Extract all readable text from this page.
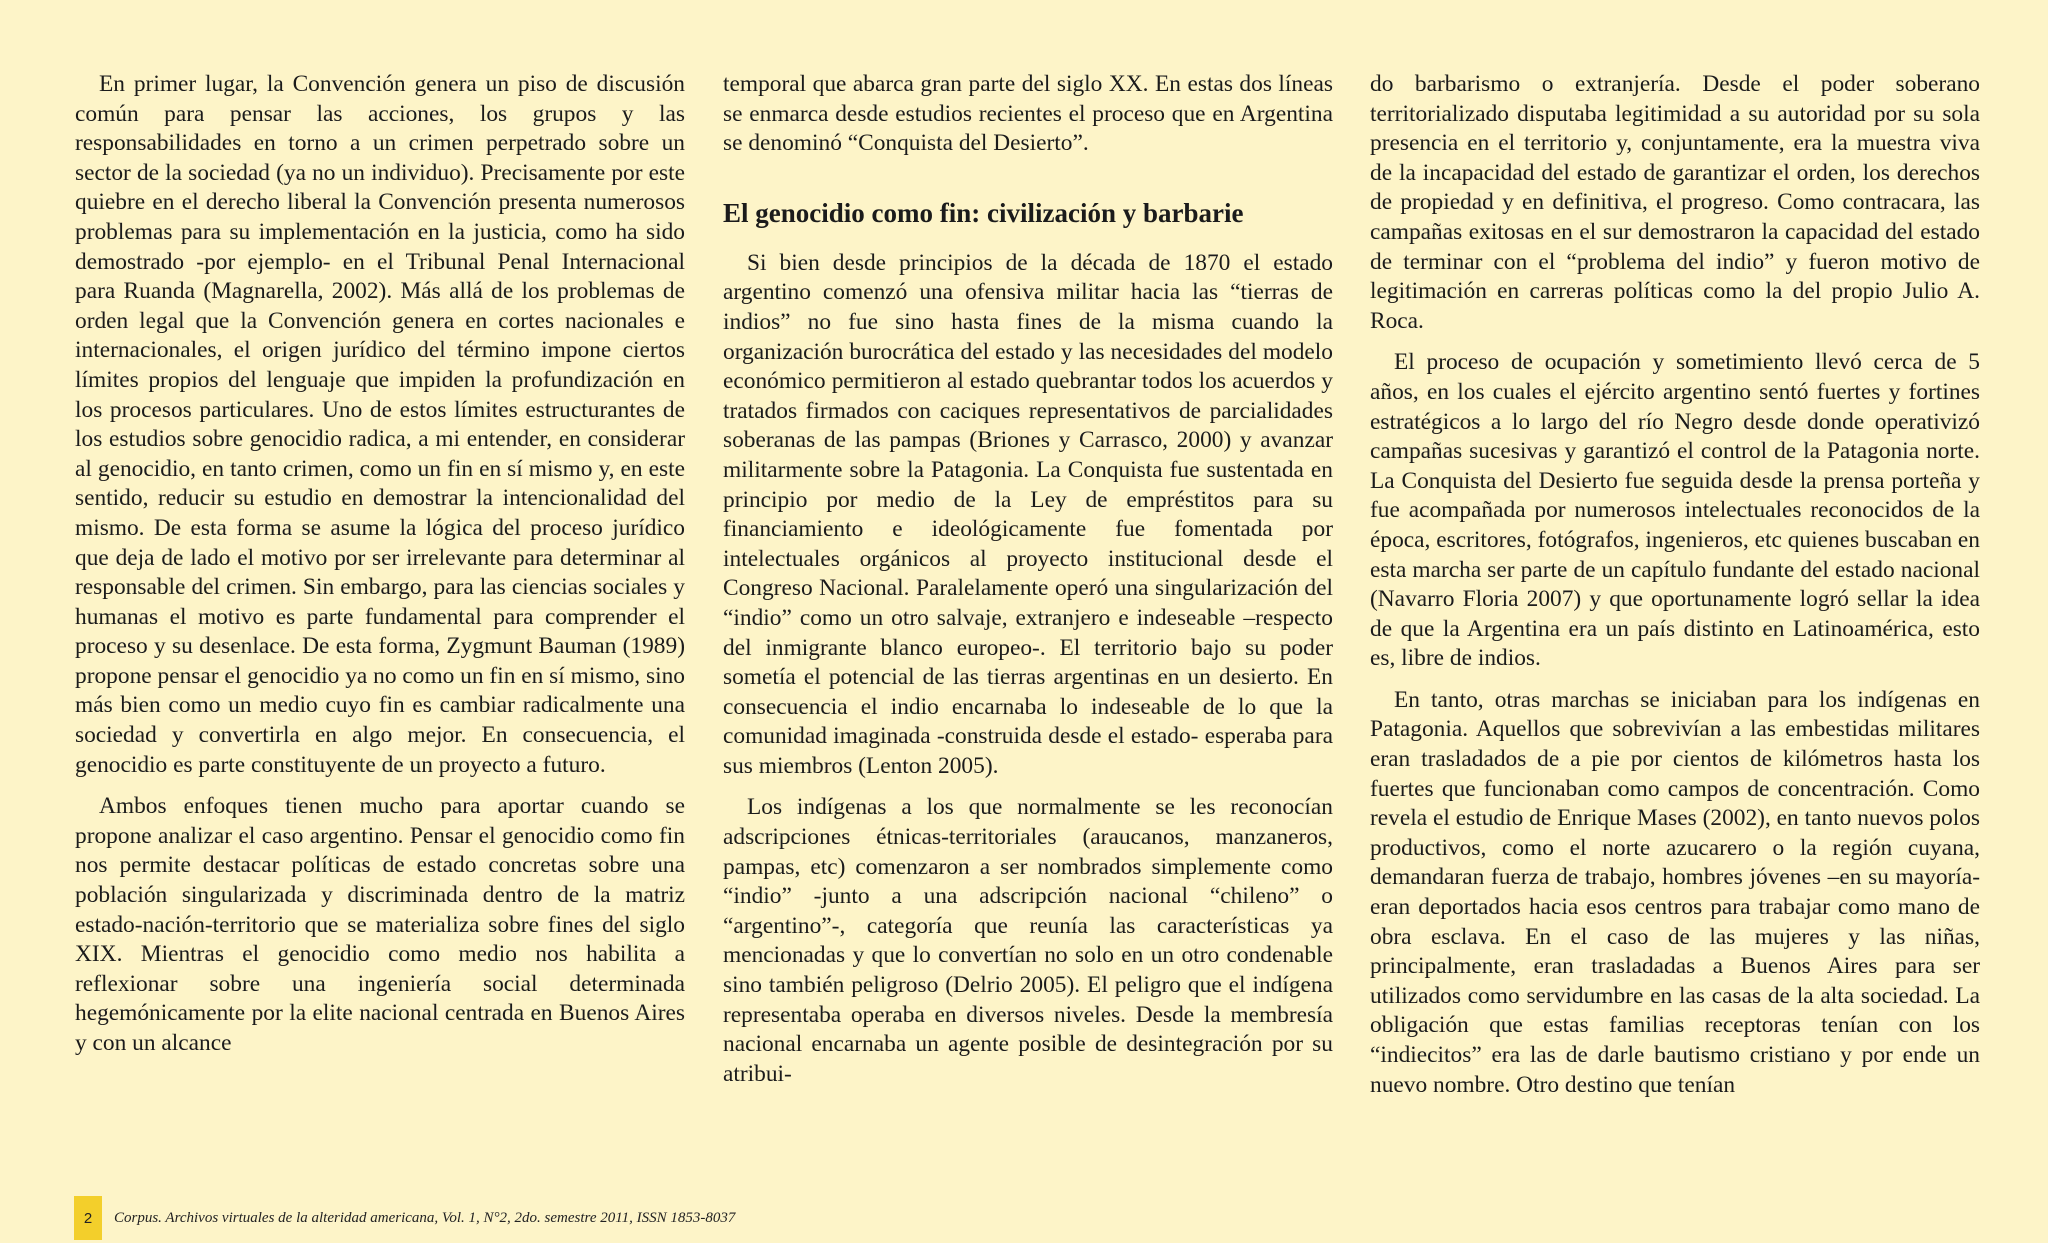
En primer lugar, la Convención genera un piso de discusión común para pensar las acciones, los grupos y las responsabilidades en torno a un crimen perpetrado sobre un sector de la sociedad (ya no un individuo). Precisamente por este quiebre en el derecho liberal la Convención presenta numerosos problemas para su implementación en la justicia, como ha sido demostrado -por ejemplo- en el Tribunal Penal Internacional para Ruanda (Magnarella, 2002). Más allá de los problemas de orden legal que la Convención genera en cortes nacionales e internacionales, el origen jurídico del término impone ciertos límites propios del lenguaje que impiden la profundización en los procesos particulares. Uno de estos límites estructurantes de los estudios sobre genocidio radica, a mi entender, en considerar al genocidio, en tanto crimen, como un fin en sí mismo y, en este sentido, reducir su estudio en demostrar la intencionalidad del mismo. De esta forma se asume la lógica del proceso jurídico que deja de lado el motivo por ser irrelevante para determinar al responsable del crimen. Sin embargo, para las ciencias sociales y humanas el motivo es parte fundamental para comprender el proceso y su desenlace. De esta forma, Zygmunt Bauman (1989) propone pensar el genocidio ya no como un fin en sí mismo, sino más bien como un medio cuyo fin es cambiar radicalmente una sociedad y convertirla en algo mejor. En consecuencia, el genocidio es parte constituyente de un proyecto a futuro.

Ambos enfoques tienen mucho para aportar cuando se propone analizar el caso argentino. Pensar el genocidio como fin nos permite destacar políticas de estado concretas sobre una población singularizada y discriminada dentro de la matriz estado-nación-territorio que se materializa sobre fines del siglo XIX. Mientras el genocidio como medio nos habilita a reflexionar sobre una ingeniería social determinada hegemónicamente por la elite nacional centrada en Buenos Aires y con un alcance

temporal que abarca gran parte del siglo XX. En estas dos líneas se enmarca desde estudios recientes el proceso que en Argentina se denominó “Conquista del Desierto”.

El genocidio como fin: civilización y barbarie

Si bien desde principios de la década de 1870 el estado argentino comenzó una ofensiva militar hacia las “tierras de indios” no fue sino hasta fines de la misma cuando la organización burocrática del estado y las necesidades del modelo económico permitieron al estado quebrantar todos los acuerdos y tratados firmados con caciques representativos de parcialidades soberanas de las pampas (Briones y Carrasco, 2000) y avanzar militarmente sobre la Patagonia. La Conquista fue sustentada en principio por medio de la Ley de empréstitos para su financiamiento e ideológicamente fue fomentada por intelectuales orgánicos al proyecto institucional desde el Congreso Nacional. Paralelamente operó una singularización del “indio” como un otro salvaje, extranjero e indeseable –respecto del inmigrante blanco europeo-. El territorio bajo su poder sometía el potencial de las tierras argentinas en un desierto. En consecuencia el indio encarnaba lo indeseable de lo que la comunidad imaginada -construida desde el estado- esperaba para sus miembros (Lenton 2005).

Los indígenas a los que normalmente se les reconocían adscripciones étnicas-territoriales (araucanos, manzaneros, pampas, etc) comenzaron a ser nombrados simplemente como “indio” -junto a una adscripción nacional “chileno” o “argentino”-, categoría que reunía las características ya mencionadas y que lo convertían no solo en un otro condenable sino también peligroso (Delrio 2005). El peligro que el indígena representaba operaba en diversos niveles. Desde la membresía nacional encarnaba un agente posible de desintegración por su atribui-

do barbarismo o extranjería. Desde el poder soberano territorializado disputaba legitimidad a su autoridad por su sola presencia en el territorio y, conjuntamente, era la muestra viva de la incapacidad del estado de garantizar el orden, los derechos de propiedad y en definitiva, el progreso. Como contracara, las campañas exitosas en el sur demostraron la capacidad del estado de terminar con el “problema del indio” y fueron motivo de legitimación en carreras políticas como la del propio Julio A. Roca.

El proceso de ocupación y sometimiento llevó cerca de 5 años, en los cuales el ejército argentino sentó fuertes y fortines estratégicos a lo largo del río Negro desde donde operativizó campañas sucesivas y garantizó el control de la Patagonia norte. La Conquista del Desierto fue seguida desde la prensa porteña y fue acompañada por numerosos intelectuales reconocidos de la época, escritores, fotógrafos, ingenieros, etc quienes buscaban en esta marcha ser parte de un capítulo fundante del estado nacional (Navarro Floria 2007) y que oportunamente logró sellar la idea de que la Argentina era un país distinto en Latinoamérica, esto es, libre de indios.

En tanto, otras marchas se iniciaban para los indígenas en Patagonia. Aquellos que sobrevivían a las embestidas militares eran trasladados de a pie por cientos de kilómetros hasta los fuertes que funcionaban como campos de concentración. Como revela el estudio de Enrique Mases (2002), en tanto nuevos polos productivos, como el norte azucarero o la región cuyana, demandaran fuerza de trabajo, hombres jóvenes –en su mayoría- eran deportados hacia esos centros para trabajar como mano de obra esclava. En el caso de las mujeres y las niñas, principalmente, eran trasladadas a Buenos Aires para ser utilizados como servidumbre en las casas de la alta sociedad. La obligación que estas familias receptoras tenían con los “indiecitos” era las de darle bautismo cristiano y por ende un nuevo nombre. Otro destino que tenían

2	Corpus. Archivos virtuales de la alteridad americana, Vol. 1, N°2, 2do. semestre 2011, ISSN 1853-8037
